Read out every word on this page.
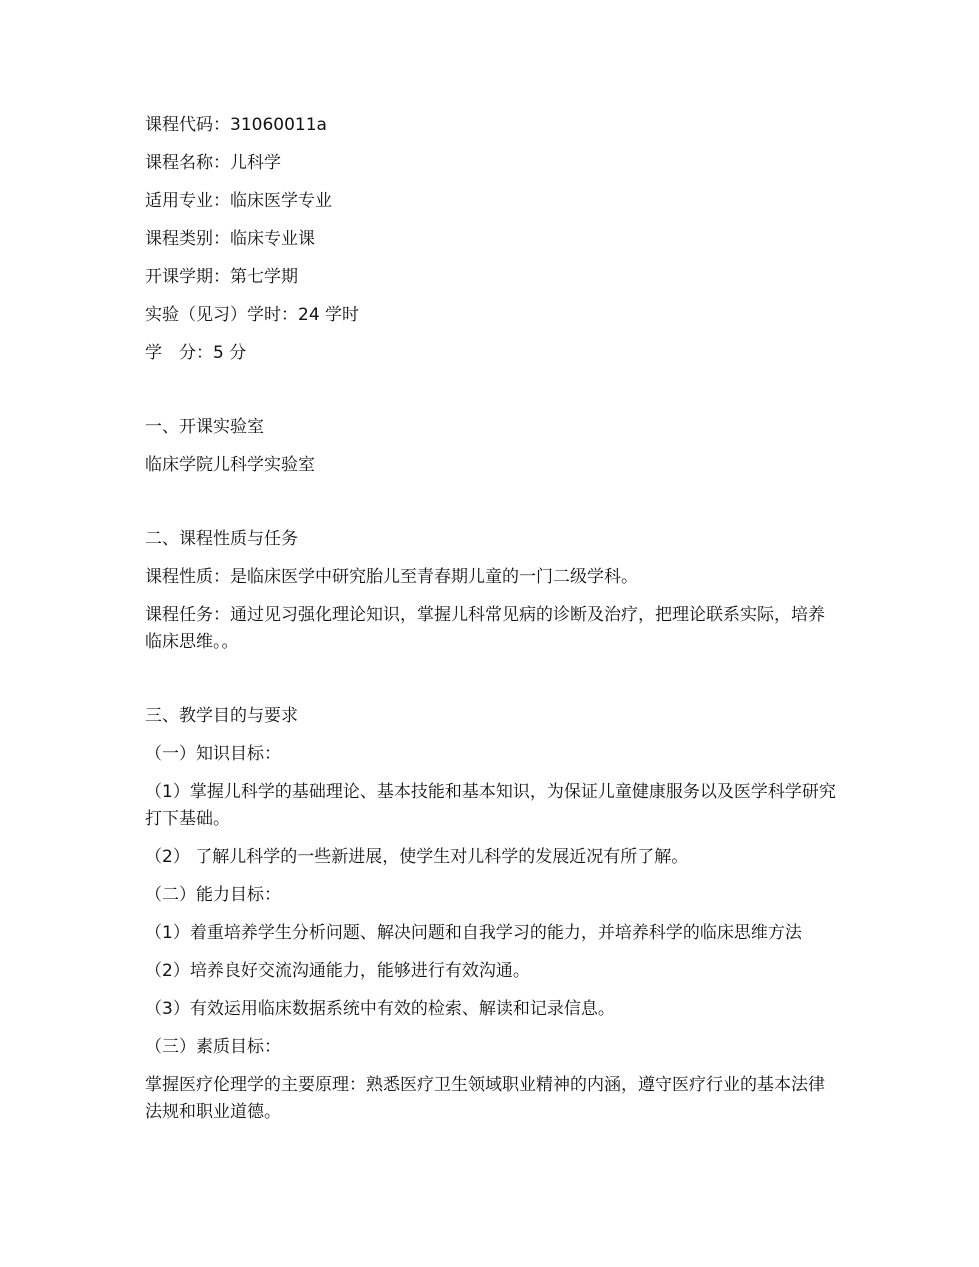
课程代码：31060011a
课程名称：儿科学
适用专业：临床医学专业
课程类别：临床专业课
开课学期：第七学期
实验（见习）学时：24 学时
学　分：5 分
一、开课实验室
临床学院儿科学实验室
二、课程性质与任务
课程性质：是临床医学中研究胎儿至青春期儿童的一门二级学科。
课程任务：通过见习强化理论知识，掌握儿科常见病的诊断及治疗，把理论联系实际，培养临床思维。。
三、教学目的与要求
（一）知识目标：
（1）掌握儿科学的基础理论、基本技能和基本知识，为保证儿童健康服务以及医学科学研究打下基础。
（2） 了解儿科学的一些新进展，使学生对儿科学的发展近况有所了解。
（二）能力目标：
（1）着重培养学生分析问题、解决问题和自我学习的能力，并培养科学的临床思维方法
（2）培养良好交流沟通能力，能够进行有效沟通。
（3）有效运用临床数据系统中有效的检索、解读和记录信息。
（三）素质目标：
掌握医疗伦理学的主要原理：熟悉医疗卫生领域职业精神的内涵，遵守医疗行业的基本法律法规和职业道德。
